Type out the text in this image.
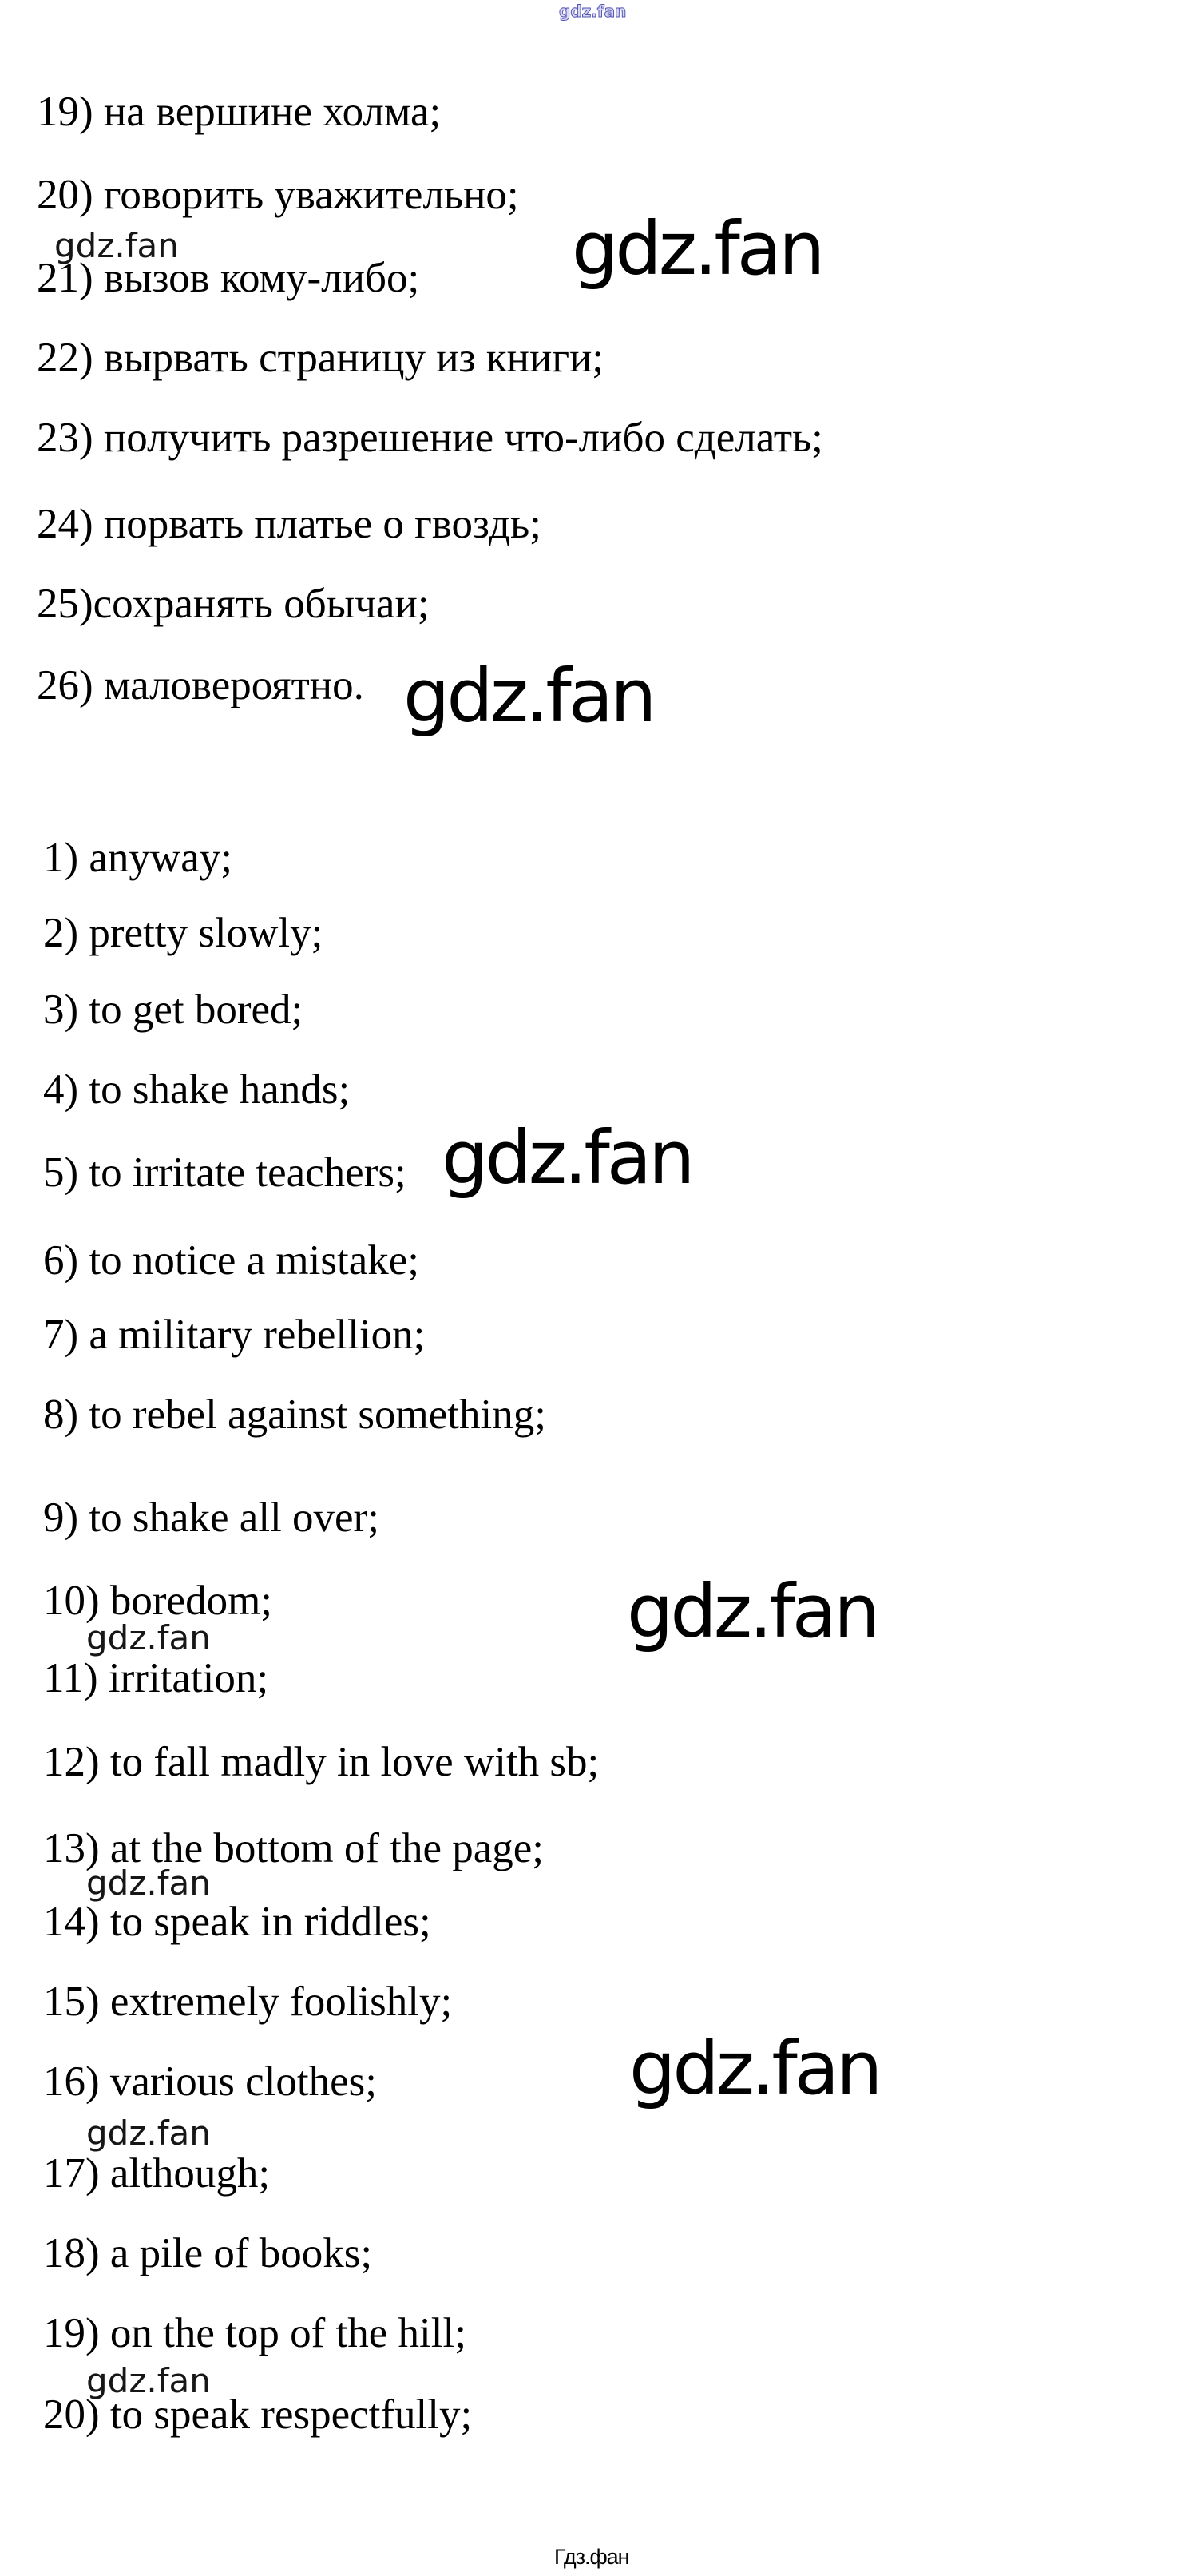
gdz.fan
19) на вершине холма;
20) говорить уважительно;
21) вызов кому-либо;
22) вырвать страницу из книги;
23) получить разрешение что-либо сделать;
24) порвать платье о гвоздь;
25)сохранять обычаи;
26) маловероятно.
1) anyway;
2) pretty slowly;
3) to get bored;
4) to shake hands;
5) to irritate teachers;
6) to notice a mistake;
7) a military rebellion;
8) to rebel against something;
9) to shake all over;
10) boredom;
11) irritation;
12) to fall madly in love with sb;
13) at the bottom of the page;
14) to speak in riddles;
15) extremely foolishly;
16) various clothes;
17) although;
18) a pile of books;
19) on the top of the hill;
20) to speak respectfully;
gdz.fan
gdz.fan
gdz.fan
gdz.fan
gdz.fan
gdz.fan
gdz.fan
gdz.fan
gdz.fan
gdz.fan
Гдз.фан
